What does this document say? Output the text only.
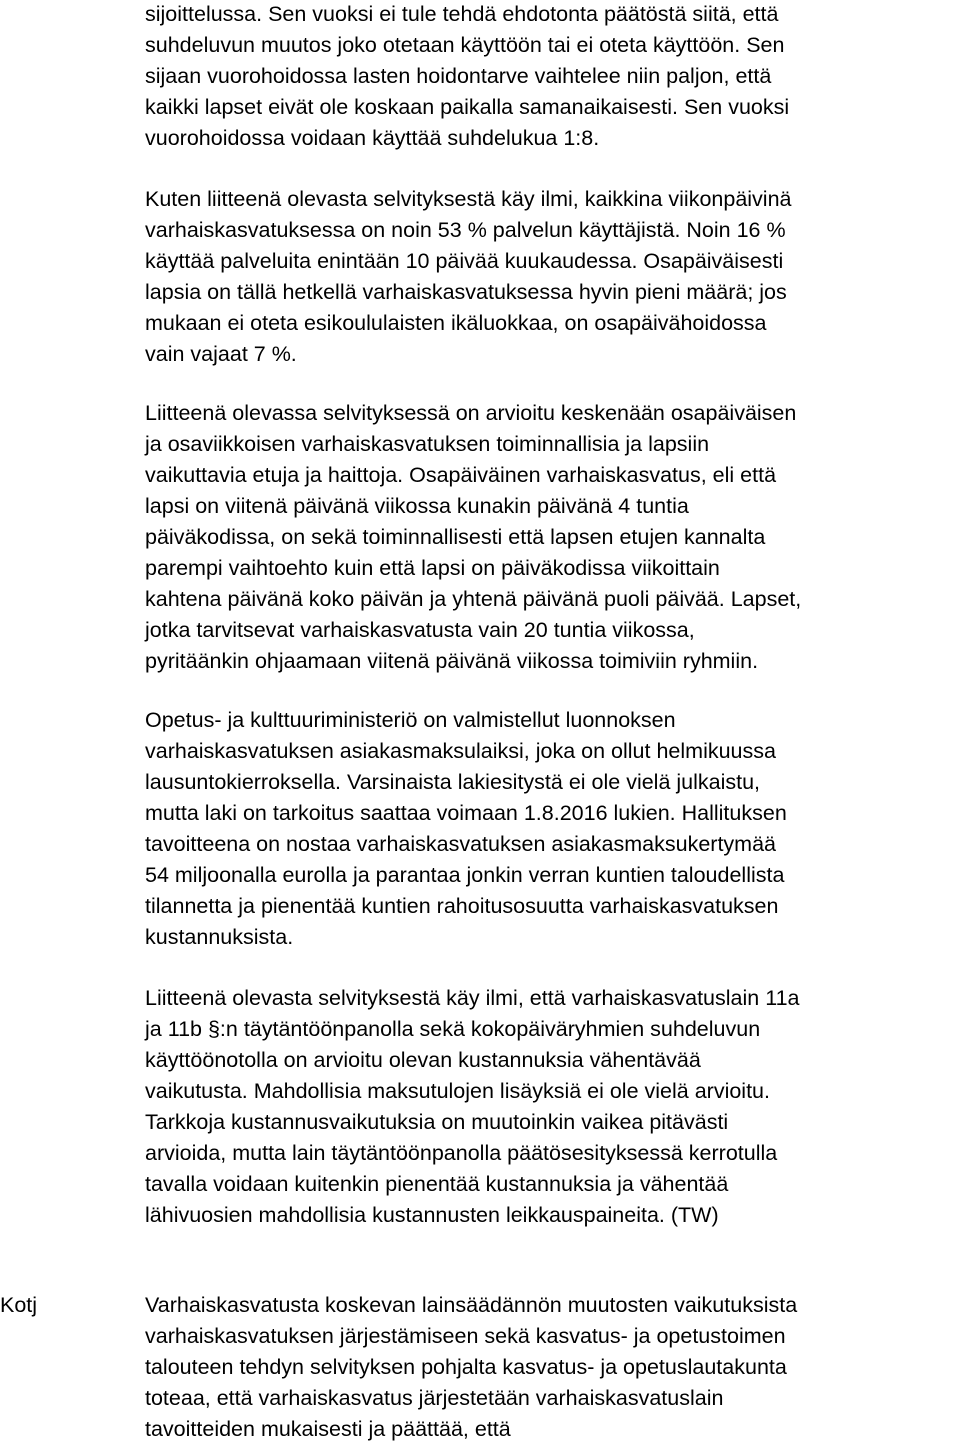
sijoittelussa. Sen vuoksi ei tule tehdä ehdotonta päätöstä siitä, että
suhdeluvun muutos joko otetaan käyttöön tai ei oteta käyttöön. Sen
sijaan vuorohoidossa lasten hoidontarve vaihtelee niin paljon, että
kaikki lapset eivät ole koskaan paikalla samanaikaisesti. Sen vuoksi
vuorohoidossa voidaan käyttää suhdelukua 1:8.
Kuten liitteenä olevasta selvityksestä käy ilmi, kaikkina viikonpäivinä
varhaiskasvatuksessa on noin 53 % palvelun käyttäjistä. Noin 16 %
käyttää palveluita enintään 10 päivää kuukaudessa. Osapäiväisesti
lapsia on tällä hetkellä varhaiskasvatuksessa hyvin pieni määrä; jos
mukaan ei oteta esikoululaisten ikäluokkaa, on osapäivähoidossa
vain vajaat 7 %.
Liitteenä olevassa selvityksessä on arvioitu keskenään osapäiväisen
ja osaviikkoisen varhaiskasvatuksen toiminnallisia ja lapsiin
vaikuttavia etuja ja haittoja. Osapäiväinen varhaiskasvatus, eli että
lapsi on viitenä päivänä viikossa kunakin päivänä 4 tuntia
päiväkodissa, on sekä toiminnallisesti että lapsen etujen kannalta
parempi vaihtoehto kuin että lapsi on päiväkodissa viikoittain
kahtena päivänä koko päivän ja yhtenä päivänä puoli päivää. Lapset,
jotka tarvitsevat varhaiskasvatusta vain 20 tuntia viikossa,
pyritäänkin ohjaamaan viitenä päivänä viikossa toimiviin ryhmiin.
Opetus- ja kulttuuriministeriö on valmistellut luonnoksen
varhaiskasvatuksen asiakasmaksulaiksi, joka on ollut helmikuussa
lausuntokierroksella. Varsinaista lakiesitystä ei ole vielä julkaistu,
mutta laki on tarkoitus saattaa voimaan 1.8.2016 lukien. Hallituksen
tavoitteena on nostaa varhaiskasvatuksen asiakasmaksukertymää
54 miljoonalla eurolla ja parantaa jonkin verran kuntien taloudellista
tilannetta ja pienentää kuntien rahoitusosuutta varhaiskasvatuksen
kustannuksista.
Liitteenä olevasta selvityksestä käy ilmi, että varhaiskasvatuslain 11a
ja 11b §:n täytäntöönpanolla sekä kokopäiväryhmien suhdeluvun
käyttöönotolla on arvioitu olevan kustannuksia vähentävää
vaikutusta. Mahdollisia maksutulojen lisäyksiä ei ole vielä arvioitu.
Tarkkoja kustannusvaikutuksia on muutoinkin vaikea pitävästi
arvioida, mutta lain täytäntöönpanolla päätösesityksessä kerrotulla
tavalla voidaan kuitenkin pienentää kustannuksia ja vähentää
lähivuosien mahdollisia kustannusten leikkauspaineita. (TW)

Kotj	Varhaiskasvatusta koskevan lainsäädännön muutosten vaikutuksista
varhaiskasvatuksen järjestämiseen sekä kasvatus- ja opetustoimen
talouteen tehdyn selvityksen pohjalta kasvatus- ja opetuslautakunta
toteaa, että varhaiskasvatus järjestetään varhaiskasvatuslain
tavoitteiden mukaisesti ja päättää, että
